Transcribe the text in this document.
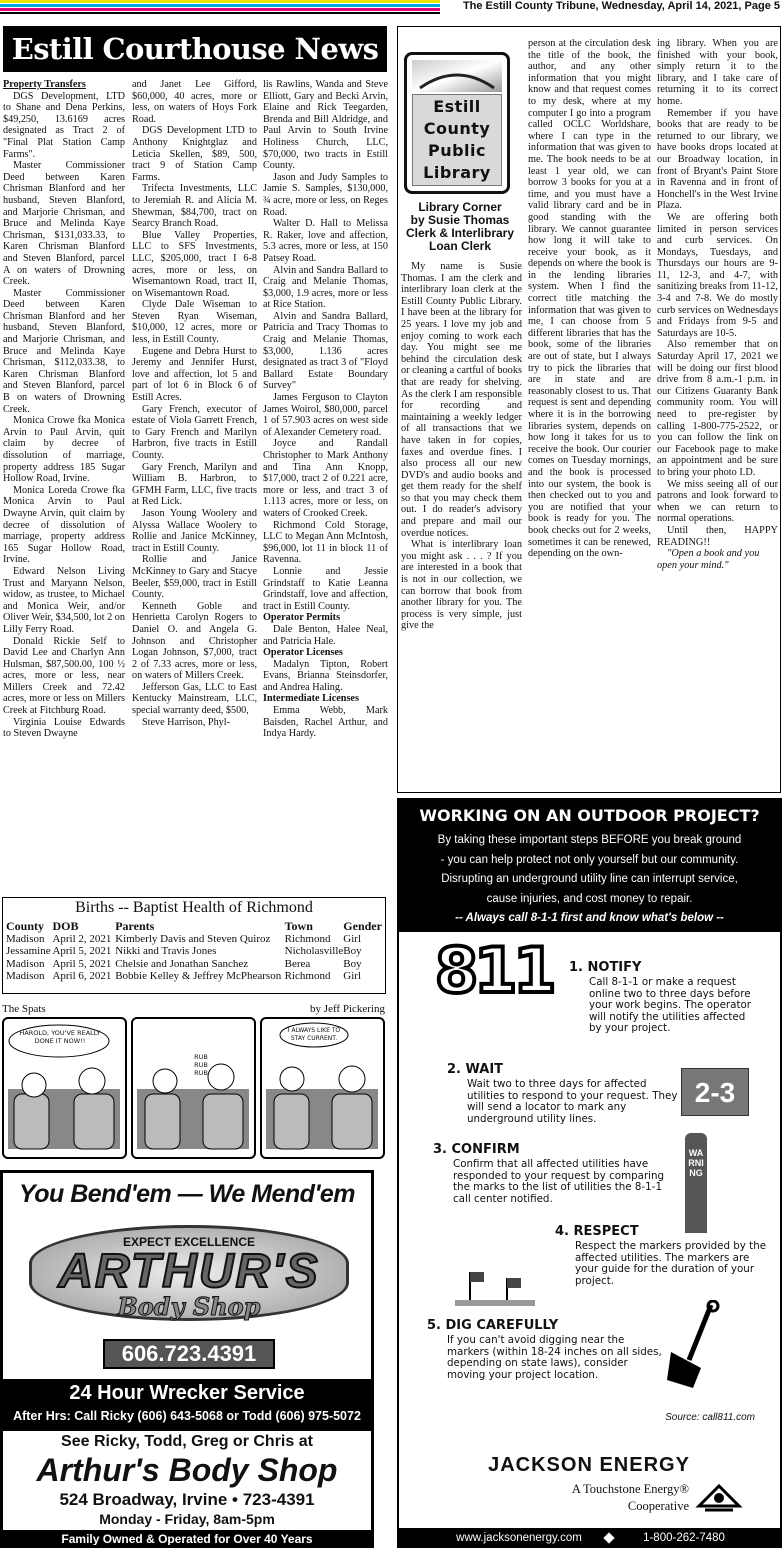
The Estill County Tribune, Wednesday, April 14, 2021, Page 5
Estill Courthouse News

Property Transfers

DGS Development, LTD to Shane and Dena Perkins, $49,250, 13.6169 acres designated as Tract 2 of "Final Plat Station Camp Farms".

Master Commissioner Deed between Karen Chrisman Blanford and her husband, Steven Blanford, and Marjorie Chrisman, and Bruce and Melinda Kaye Chrisman, $131,033.33, to Karen Chrisman Blanford and Steven Blanford, parcel A on waters of Drowning Creek.

Master Commissioner Deed between Karen Chrisman Blanford and her husband, Steven Blanford, and Marjorie Chrisman, and Bruce and Melinda Kaye Chrisman, $112,033.38, to Karen Chrisman Blanford and Steven Blanford, parcel B on waters of Drowning Creek.

Monica Crowe fka Monica Arvin to Paul Arvin, quit claim by decree of dissolution of marriage, property address 185 Sugar Hollow Road, Irvine.

Monica Loreda Crowe fka Monica Arvin to Paul Dwayne Arvin, quit claim by decree of dissolution of marriage, property address 165 Sugar Hollow Road, Irvine.

Edward Nelson Living Trust and Maryann Nelson, widow, as trustee, to Michael and Monica Weir, and/or Oliver Weir, $34,500, lot 2 on Lilly Ferry Road.

Donald Rickie Self to David Lee and Charlyn Ann Hulsman, $87,500.00, 100 ½ acres, more or less, near Millers Creek and 72.42 acres, more or less on Millers Creek at Fitchburg Road.

Virginia Louise Edwards to Steven Dwayne

and Janet Lee Gifford, $60,000, 40 acres, more or less, on waters of Hoys Fork Road.

DGS Development LTD to Anthony Knightglaz and Leticia Skellen, $89, 500, tract 9 of Station Camp Farms.

Trifecta Investments, LLC to Jeremiah R. and Alicia M. Shewman, $84,700, tract on Searcy Branch Road.

Blue Valley Properties, LLC to SFS Investments, LLC, $205,000, tract I 6-8 acres, more or less, on Wisemantown Road, tract II, on Wisemantown Road.

Clyde Dale Wiseman to Steven Ryan Wiseman, $10,000, 12 acres, more or less, in Estill County.

Eugene and Debra Hurst to Jeremy and Jennifer Hurst, love and affection, lot 5 and part of lot 6 in Block 6 of Estill Acres.

Gary French, executor of estate of Viola Garrett French, to Gary French and Marilyn Harbron, five tracts in Estill County.

Gary French, Marilyn and William B. Harbron, to GFMH Farm, LLC, five tracts at Red Lick.

Jason Young Woolery and Alyssa Wallace Woolery to Rollie and Janice McKinney, tract in Estill County.

Rollie and Janice McKinney to Gary and Stacye Beeler, $59,000, tract in Estill County.

Kenneth Goble and Henrietta Carolyn Rogers to Daniel O. and Angela G. Johnson and Christopher Logan Johnson, $7,000, tract 2 of 7.33 acres, more or less, on waters of Millers Creek.

Jefferson Gas, LLC to East Kentucky Mainstream, LLC, special warranty deed, $500,

Steve Harrison, Phyl-

lis Rawlins, Wanda and Steve Elliott, Gary and Becki Arvin, Elaine and Rick Teegarden, Brenda and Bill Aldridge, and Paul Arvin to South Irvine Holiness Church, LLC, $70,000, two tracts in Estill County.

Jason and Judy Samples to Jamie S. Samples, $130,000, ¾ acre, more or less, on Reges Road.

Walter D. Hall to Melissa R. Raker, love and affection, 5.3 acres, more or less, at 150 Patsey Road.

Alvin and Sandra Ballard to Craig and Melanie Thomas, $3,000, 1.9 acres, more or less at Rice Station.

Alvin and Sandra Ballard, Patricia and Tracy Thomas to Craig and Melanie Thomas, $3,000, 1.136 acres designated as tract 3 of "Floyd Ballard Estate Boundary Survey"

James Ferguson to Clayton James Woirol, $80,000, parcel 1 of 57.903 acres on west side of Alexander Cemetery road.

Joyce and Randall Christopher to Mark Anthony and Tina Ann Knopp, $17,000, tract 2 of 0.221 acre, more or less, and tract 3 of 1.113 acres, more or less, on waters of Crooked Creek.

Richmond Cold Storage, LLC to Megan Ann McIntosh, $96,000, lot 11 in block 11 of Ravenna.

Lonnie and Jessie Grindstaff to Katie Leanna Grindstaff, love and affection, tract in Estill County.

Operator Permits

Dale Benton, Halee Neal, and Patricia Hale.

Operator Licenses

Madalyn Tipton, Robert Evans, Brianna Steinsdorfer, and Andrea Haling.

Intermediate Licenses

Emma Webb, Mark Baisden, Rachel Arthur, and Indya Hardy.

Estill
County
Public
Library
Library Corner
by Susie Thomas
Clerk & Interlibrary
Loan Clerk

My name is Susie Thomas. I am the clerk and interlibrary loan clerk at the Estill County Public Library. I have been at the library for 25 years. I love my job and enjoy coming to work each day. You might see me behind the circulation desk or cleaning a cartful of books that are ready for shelving. As the clerk I am responsible for recording and maintaining a weekly ledger of all transactions that we have taken in for copies, faxes and overdue fines. I also process all our new DVD's and audio books and get them ready for the shelf so that you may check them out. I do reader's advisory and prepare and mail our overdue notices.

What is interlibrary loan you might ask . . . ? If you are interested in a book that is not in our collection, we can borrow that book from another library for you. The process is very simple, just give the

person at the circulation desk the title of the book, the author, and any other information that you might know and that request comes to my desk, where at my computer I go into a program called OCLC Worldshare, where I can type in the information that was given to me. The book needs to be at least 1 year old, we can borrow 3 books for you at a time, and you must have a valid library card and be in good standing with the library. We cannot guarantee how long it will take to receive your book, as it depends on where the book is in the lending libraries system. When I find the correct title matching the information that was given to me, I can choose from 5 different libraries that has the book, some of the libraries are out of state, but I always try to pick the libraries that are in state and are reasonably closest to us. That request is sent and depending where it is in the borrowing libraries system, depends on how long it takes for us to receive the book. Our courier comes on Tuesday mornings, and the book is processed into our system, the book is then checked out to you and you are notified that your book is ready for you. The book checks out for 2 weeks, sometimes it can be renewed, depending on the own-

ing library. When you are finished with your book, simply return it to the library, and I take care of returning it to its correct home.

Remember if you have books that are ready to be returned to our library, we have books drops located at our Broadway location, in front of Bryant's Paint Store in Ravenna and in front of Honchell's in the West Irvine Plaza.

We are offering both limited in person services and curb services. On Mondays, Tuesdays, and Thursdays our hours are 9-11, 12-3, and 4-7, with sanitizing breaks from 11-12, 3-4 and 7-8. We do mostly curb services on Wednesdays and Fridays from 9-5 and Saturdays are 10-5.

Also remember that on Saturday April 17, 2021 we will be doing our first blood drive from 8 a.m.-1 p.m. in our Citizens Guaranty Bank community room. You will need to pre-register by calling 1-800-775-2522, or you can follow the link on our Facebook page to make an appointment and be sure to bring your photo I.D.

We miss seeing all of our patrons and look forward to when we can return to normal operations.

Until then, HAPPY READING!!

"Open a book and you open your mind."

Births -- Baptist Health of Richmond
County	DOB	Parents	Town	Gender
Madison	April 2, 2021	Kimberly Davis and Steven Quiroz	Richmond	Girl
Jessamine	April 5, 2021	Nikki and Travis Jones	Nicholasville	Boy
Madison	April 5, 2021	Chelsie and Jonathan Sanchez	Berea	Boy
Madison	April 6, 2021	Bobbie Kelley & Jeffrey McPhearson	Richmond	Girl
The Spats	by Jeff Pickering
HAROLD, YOU'VE REALLY DONE IT NOW!!
RUB RUB RUB
I ALWAYS LIKE TO STAY CURRENT.
You Bend'em — We Mend'em
EXPECT EXCELLENCE
ARTHUR'S
Body Shop
606.723.4391
24 Hour Wrecker Service
After Hrs: Call Ricky (606) 643-5068 or Todd (606) 975-5072
See Ricky, Todd, Greg or Chris at
Arthur's Body Shop
524 Broadway, Irvine • 723-4391
Monday - Friday, 8am-5pm
Family Owned & Operated for Over 40 Years
WORKING ON AN OUTDOOR PROJECT?
By taking these important steps BEFORE you break ground
- you can help protect not only yourself but our community.
Disrupting an underground utility line can interrupt service,
cause injuries, and cost money to repair.
-- Always call 8-1-1 first and know what's below --
811 1. NOTIFY
Call 8-1-1 or make a request online two to three days before your work begins. The operator will notify the utilities affected by your project.
2. WAIT
Wait two to three days for affected utilities to respond to your request. They will send a locator to mark any underground utility lines.
3. CONFIRM
Confirm that all affected utilities have responded to your request by comparing the marks to the list of utilities the 8-1-1 call center notified.
4. RESPECT
Respect the markers provided by the affected utilities. The markers are your guide for the duration of your project.
5. DIG CAREFULLY
If you can't avoid digging near the markers (within 18-24 inches on all sides, depending on state laws), consider moving your project location.
2-3
WARNING
Source: call811.com
JACKSON ENERGY
A Touchstone Energy®
Cooperative
www.jacksonenergy.com	1-800-262-7480
